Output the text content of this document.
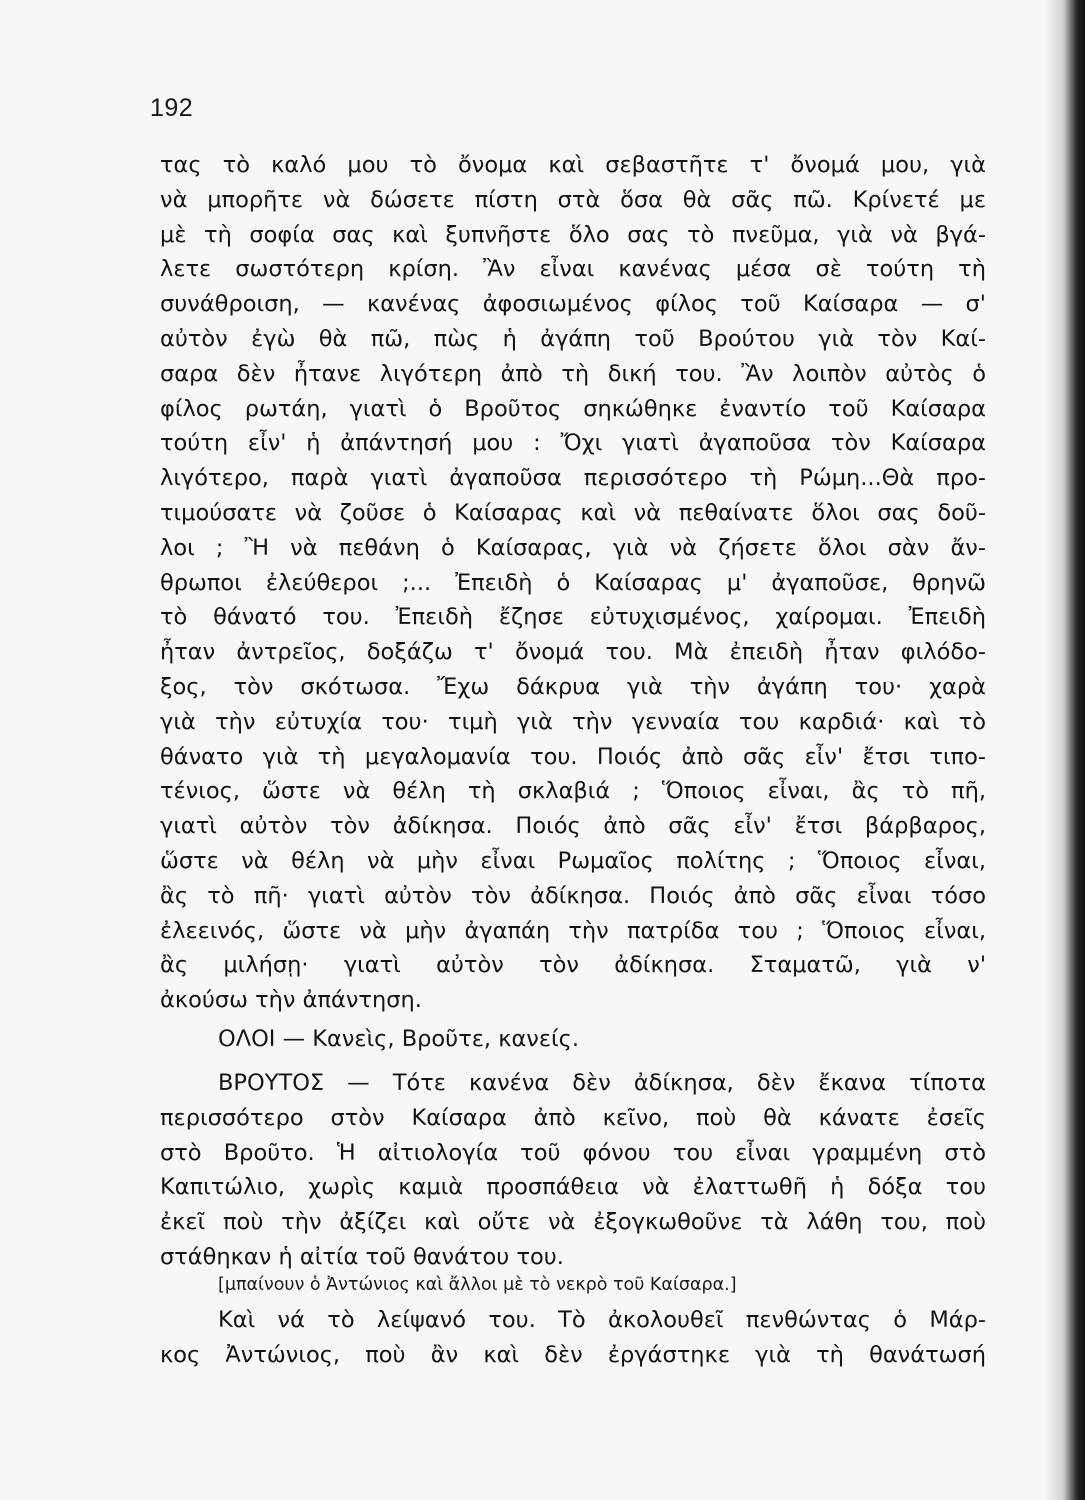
192
τας τὸ καλό μου τὸ ὄνομα καὶ σεβαστῆτε τ' ὄνομά μου, γιὰ
νὰ μπορῆτε νὰ δώσετε πίστη στὰ ὅσα θὰ σᾶς πῶ. Κρίνετέ με
μὲ τὴ σοφία σας καὶ ξυπνῆστε ὅλο σας τὸ πνεῦμα, γιὰ νὰ βγά-
λετε σωστότερη κρίση. Ἂν εἶναι κανένας μέσα σὲ τούτη τὴ
συνάθροιση, — κανένας ἀφοσιωμένος φίλος τοῦ Καίσαρα — σ'
αὐτὸν ἐγὼ θὰ πῶ, πὼς ἡ ἀγάπη τοῦ Βρούτου γιὰ τὸν Καί-
σαρα δὲν ἦτανε λιγότερη ἀπὸ τὴ δική του. Ἂν λοιπὸν αὐτὸς ὁ
φίλος ρωτάη, γιατὶ ὁ Βροῦτος σηκώθηκε ἐναντίο τοῦ Καίσαρα
τούτη εἶν' ἡ ἀπάντησή μου : Ὄχι γιατὶ ἀγαποῦσα τὸν Καίσαρα
λιγότερο, παρὰ γιατὶ ἀγαποῦσα περισσότερο τὴ Ρώμη...Θὰ προ-
τιμούσατε νὰ ζοῦσε ὁ Καίσαρας καὶ νὰ πεθαίνατε ὅλοι σας δοῦ-
λοι ; Ἢ νὰ πεθάνη ὁ Καίσαρας, γιὰ νὰ ζήσετε ὅλοι σὰν ἄν-
θρωποι ἐλεύθεροι ;... Ἐπειδὴ ὁ Καίσαρας μ' ἀγαποῦσε, θρηνῶ
τὸ θάνατό του. Ἐπειδὴ ἔζησε εὐτυχισμένος, χαίρομαι. Ἐπειδὴ
ἦταν ἀντρεῖος, δοξάζω τ' ὄνομά του. Μὰ ἐπειδὴ ἦταν φιλόδο-
ξος, τὸν σκότωσα. Ἔχω δάκρυα γιὰ τὴν ἀγάπη του· χαρὰ
γιὰ τὴν εὐτυχία του· τιμὴ γιὰ τὴν γενναία του καρδιά· καὶ τὸ
θάνατο γιὰ τὴ μεγαλομανία του. Ποιός ἀπὸ σᾶς εἶν' ἔτσι τιπο-
τένιος, ὥστε νὰ θέλη τὴ σκλαβιά ; Ὅποιος εἶναι, ἂς τὸ πῆ,
γιατὶ αὐτὸν τὸν ἀδίκησα. Ποιός ἀπὸ σᾶς εἶν' ἔτσι βάρβαρος,
ὥστε νὰ θέλη νὰ μὴν εἶναι Ρωμαῖος πολίτης ; Ὅποιος εἶναι,
ἂς τὸ πῆ· γιατὶ αὐτὸν τὸν ἀδίκησα. Ποιός ἀπὸ σᾶς εἶναι τόσο
ἐλεεινός, ὥστε νὰ μὴν ἀγαπάη τὴν πατρίδα του ; Ὅποιος εἶναι,
ἂς μιλήσῃ· γιατὶ αὐτὸν τὸν ἀδίκησα. Σταματῶ, γιὰ ν'
ἀκούσω τὴν ἀπάντηση.
ΟΛΟΙ — Κανεὶς, Βροῦτε, κανείς.
ΒΡΟΥΤΟΣ — Τότε κανένα δὲν ἀδίκησα, δὲν ἔκανα τίποτα
περισσότερο στὸν Καίσαρα ἀπὸ κεῖνο, ποὺ θὰ κάνατε ἐσεῖς
στὸ Βροῦτο. Ἡ αἰτιολογία τοῦ φόνου του εἶναι γραμμένη στὸ
Καπιτώλιο, χωρὶς καμιὰ προσπάθεια νὰ ἐλαττωθῆ ἡ δόξα του
ἐκεῖ ποὺ τὴν ἀξίζει καὶ οὔτε νὰ ἐξογκωθοῦνε τὰ λάθη του, ποὺ
στάθηκαν ἡ αἰτία τοῦ θανάτου του.
[μπαίνουν ὁ Ἀντώνιος καὶ ἄλλοι μὲ τὸ νεκρὸ τοῦ Καίσαρα.]
Καὶ νά τὸ λείψανό του. Τὸ ἀκολουθεῖ πενθώντας ὁ Μάρ-
κος Ἀντώνιος, ποὺ ἂν καὶ δὲν ἐργάστηκε γιὰ τὴ θανάτωσή
